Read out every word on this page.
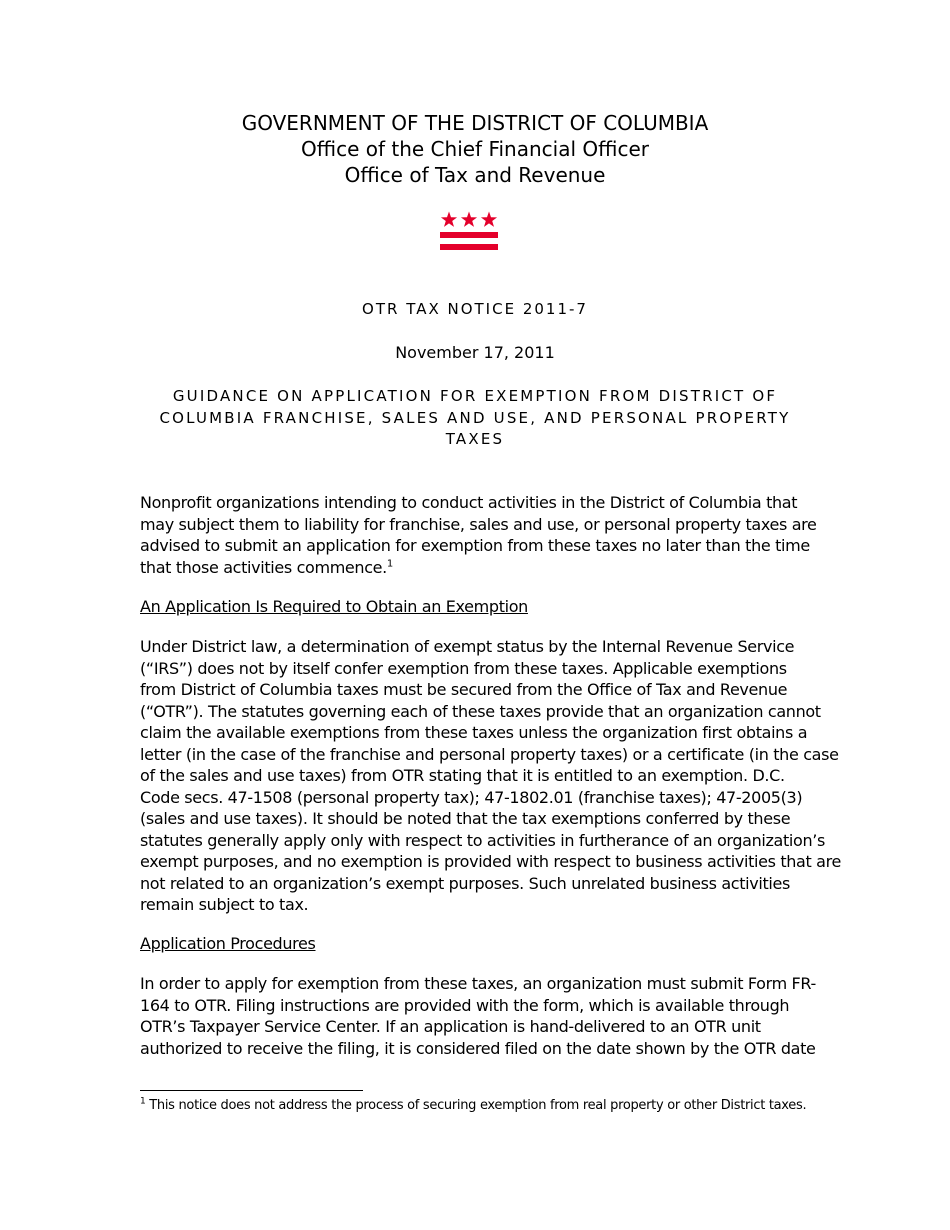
GOVERNMENT OF THE DISTRICT OF COLUMBIA
Office of the Chief Financial Officer
Office of Tax and Revenue
OTR TAX NOTICE 2011-7
November 17, 2011
GUIDANCE ON APPLICATION FOR EXEMPTION FROM DISTRICT OF
COLUMBIA FRANCHISE, SALES AND USE, AND PERSONAL PROPERTY
TAXES
Nonprofit organizations intending to conduct activities in the District of Columbia that
may subject them to liability for franchise, sales and use, or personal property taxes are
advised to submit an application for exemption from these taxes no later than the time
that those activities commence.$^1$
An Application Is Required to Obtain an Exemption
Under District law, a determination of exempt status by the Internal Revenue Service
(“IRS”) does not by itself confer exemption from these taxes. Applicable exemptions
from District of Columbia taxes must be secured from the Office of Tax and Revenue
(“OTR”). The statutes governing each of these taxes provide that an organization cannot
claim the available exemptions from these taxes unless the organization first obtains a
letter (in the case of the franchise and personal property taxes) or a certificate (in the case
of the sales and use taxes) from OTR stating that it is entitled to an exemption. D.C.
Code secs. 47-1508 (personal property tax); 47-1802.01 (franchise taxes); 47-2005(3)
(sales and use taxes). It should be noted that the tax exemptions conferred by these
statutes generally apply only with respect to activities in furtherance of an organization’s
exempt purposes, and no exemption is provided with respect to business activities that are
not related to an organization’s exempt purposes. Such unrelated business activities
remain subject to tax.
Application Procedures
In order to apply for exemption from these taxes, an organization must submit Form FR-
164 to OTR. Filing instructions are provided with the form, which is available through
OTR’s Taxpayer Service Center. If an application is hand-delivered to an OTR unit
authorized to receive the filing, it is considered filed on the date shown by the OTR date
$^1$ This notice does not address the process of securing exemption from real property or other District taxes.
